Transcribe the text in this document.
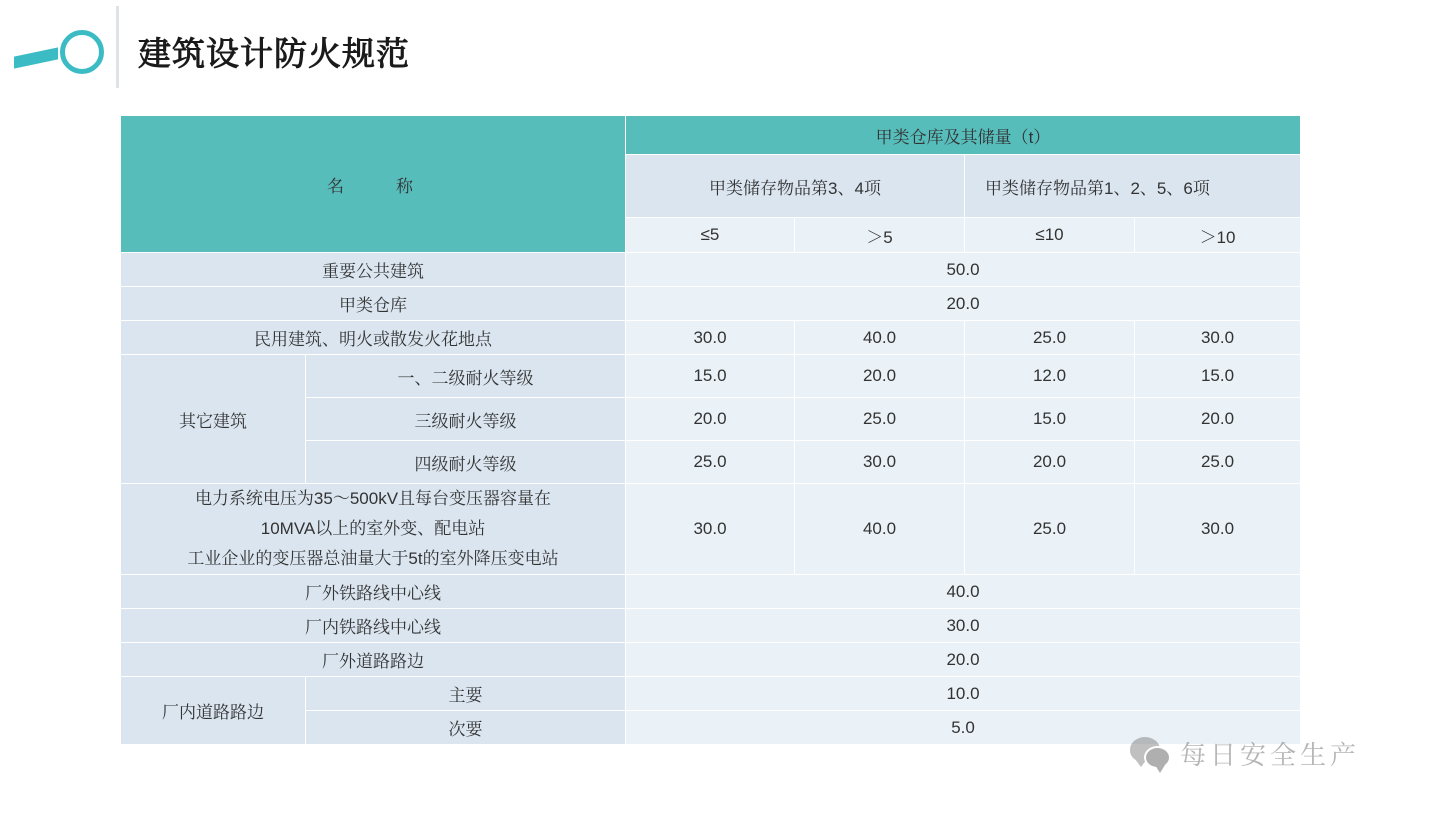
建筑设计防火规范
名　　称		甲类仓库及其储量（t）			
		甲类储存物品第3、4项		甲类储存物品第1、2、5、6项	
		≤5	＞5	≤10	＞10
重要公共建筑		50.0			
甲类仓库		20.0			
民用建筑、明火或散发火花地点		30.0	40.0	25.0	30.0
其它建筑	一、二级耐火等级	15.0	20.0	12.0	15.0
	三级耐火等级	20.0	25.0	15.0	20.0
	四级耐火等级	25.0	30.0	20.0	25.0

电力系统电压为35～500kV且每台变压器容量在
10MVA以上的室外变、配电站
工业企业的变压器总油量大于5t的室外降压变电站		30.0	40.0	25.0	30.0
厂外铁路线中心线		40.0			
厂内铁路线中心线		30.0			
厂外道路路边		20.0			
厂内道路路边	主要	10.0			
	次要	5.0			
每日安全生产
